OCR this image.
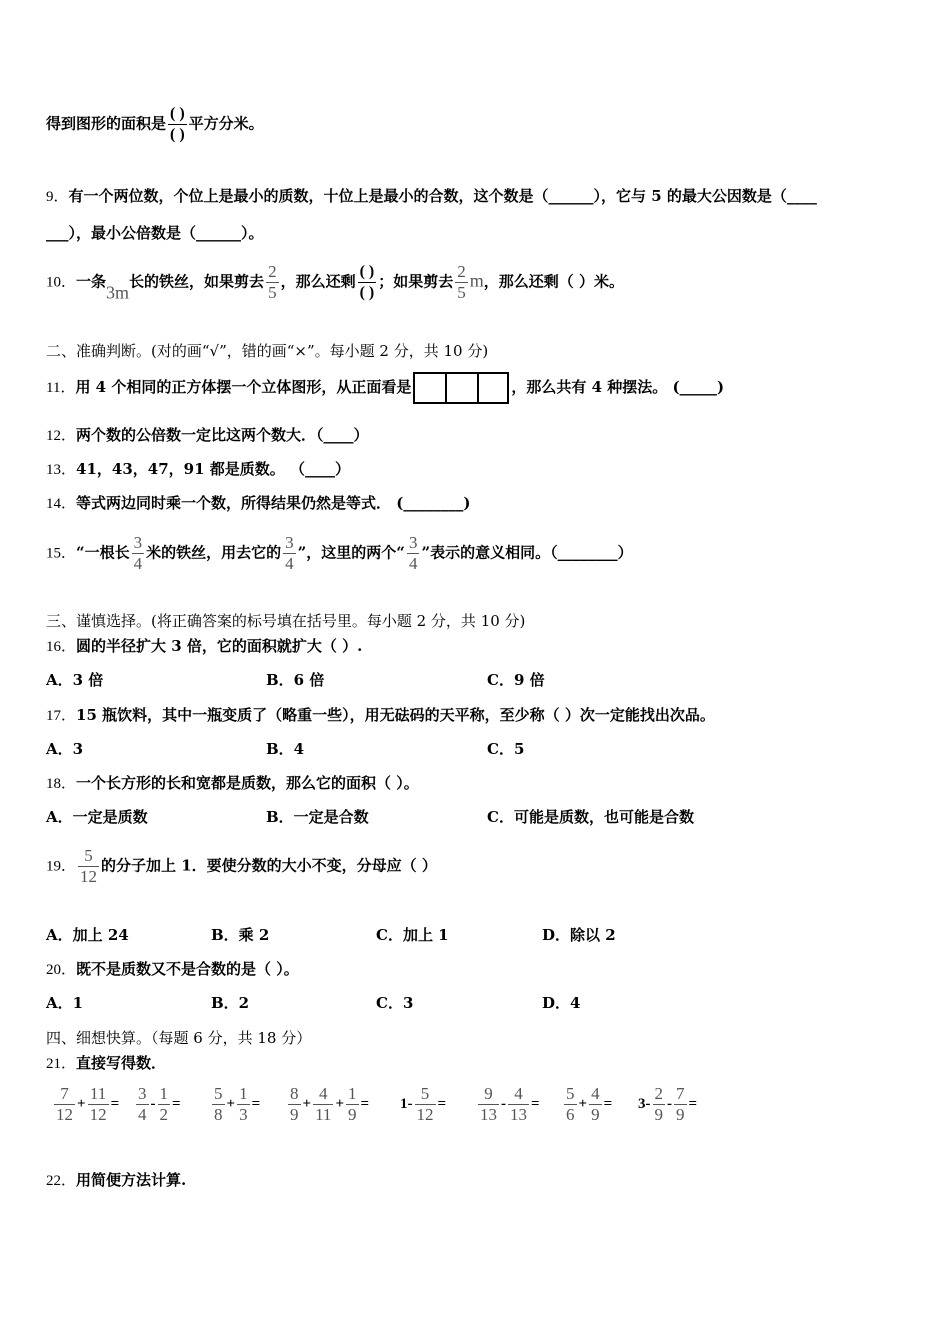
得到图形的面积是 $\frac{( )}{( )}$ 平方分米。
9．有一个两位数，个位上是最小的质数，十位上是最小的合数，这个数是（______），它与 5 的最大公因数是（____
___），最小公倍数是（______）。
10．一条3m长的铁丝，如果剪去 $\frac{2}{5}$ ，那么还剩 $\frac{( )}{( )}$ ；如果剪去 $\frac{2}{5}$ m，那么还剩（ ）米。
二、准确判断。(对的画“√”，错的画“×”。每小题 2 分，共 10 分)
11．用 4 个相同的正方体摆一个立体图形，从正面看是	，那么共有 4 种摆法。 (_____)
12．两个数的公倍数一定比这两个数大．（____）
13．41，43，47，91 都是质数。 （____）
14．等式两边同时乘一个数，所得结果仍然是等式． (________)
15．“一根长 $\frac{3}{4}$ 米的铁丝，用去它的 $\frac{3}{4}$ ”，这里的两个“ $\frac{3}{4}$ ”表示的意义相同。（________）
三、谨慎选择。(将正确答案的标号填在括号里。每小题 2 分，共 10 分)
16．圆的半径扩大 3 倍，它的面积就扩大（ ）.
A．3 倍	B．6 倍	C．9 倍
17．15 瓶饮料，其中一瓶变质了（略重一些），用无砝码的天平称，至少称（ ）次一定能找出次品。
A．3	B．4	C．5
18．一个长方形的长和宽都是质数，那么它的面积（ ）。
A．一定是质数	B．一定是合数	C．可能是质数，也可能是合数
19． $\frac{5}{12}$ 的分子加上 1．要使分数的大小不变，分母应（ ）
A．加上 24	B．乘 2	C．加上 1	D．除以 2
20．既不是质数又不是合数的是（ ）。
A．1	B．2	C．3	D．4
四、细想快算。（每题 6 分，共 18 分）
21．直接写得数．
$\frac{7}{12} + \frac{11}{12} = \frac{3}{4} - \frac{1}{2} = \frac{5}{8} + \frac{1}{3} = \frac{8}{9} + \frac{4}{11} + \frac{1}{9} = 1- \frac{5}{12} = \frac{9}{13} - \frac{4}{13} = \frac{5}{6} + \frac{4}{9} = 3- \frac{2}{9} - \frac{7}{9}$ =
22．用简便方法计算.
